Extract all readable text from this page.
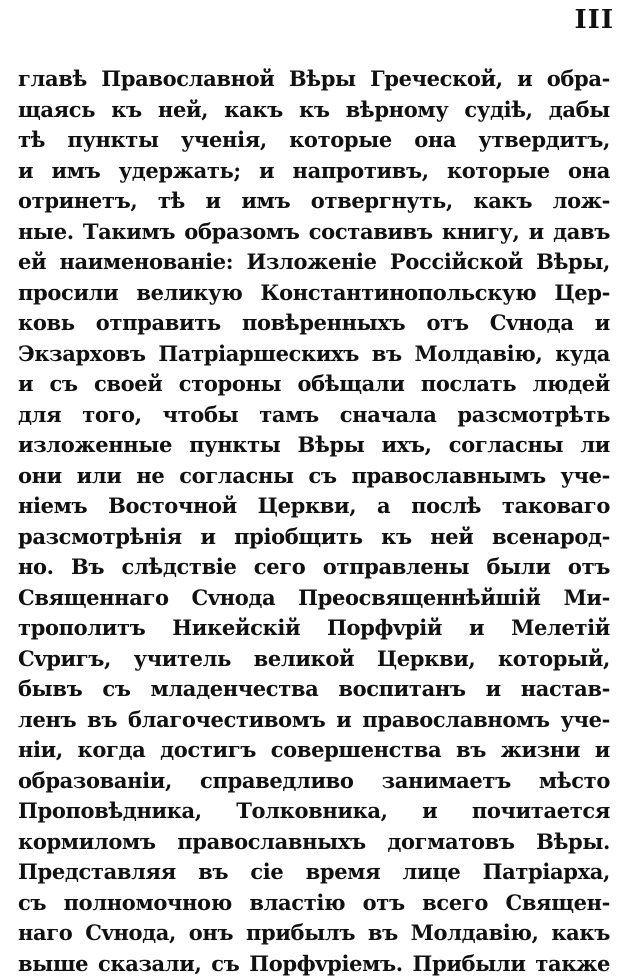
III
главѣ Православной Вѣры Греческой, и обра-
щаясь къ ней, какъ къ вѣрному судіѣ, дабы
тѣ пункты ученія, которые она утвердитъ,
и имъ удержать; и напротивъ, которые она
отринетъ, тѣ и имъ отвергнуть, какъ лож-
ные. Такимъ образомъ составивъ книгу, и давъ
ей наименованіе: Изложеніе Россійской Вѣры,
просили великую Константинопольскую Цер-
ковь отправить повѣренныхъ отъ Сvнода и
Экзарховъ Патріаршескихъ въ Молдавію, куда
и съ своей стороны обѣщали послать людей
для того, чтобы тамъ сначала разсмотрѣть
изложенные пункты Вѣры ихъ, согласны ли
они или не согласны съ православнымъ уче-
ніемъ Восточной Церкви, а послѣ таковаго
разсмотрѣнія и пріобщить къ ней всенарод-
но. Въ слѣдствіе сего отправлены были отъ
Священнаго Сvнода Преосвященнѣйшій Ми-
трополитъ Никейскій Порфvрій и Мелетій
Сvригъ, учитель великой Церкви, который,
бывъ съ младенчества воспитанъ и настав-
ленъ въ благочестивомъ и православномъ уче-
ніи, когда достигъ совершенства въ жизни и
образованіи, справедливо занимаетъ мѣсто
Проповѣдника, Толковника, и почитается
кормиломъ православныхъ догматовъ Вѣры.
Представляя въ сіе время лице Патріарха,
съ полномочною властію отъ всего Священ-
наго Сvнода, онъ прибылъ въ Молдавію, какъ
выше сказали, съ Порфvріемъ. Прибыли также
